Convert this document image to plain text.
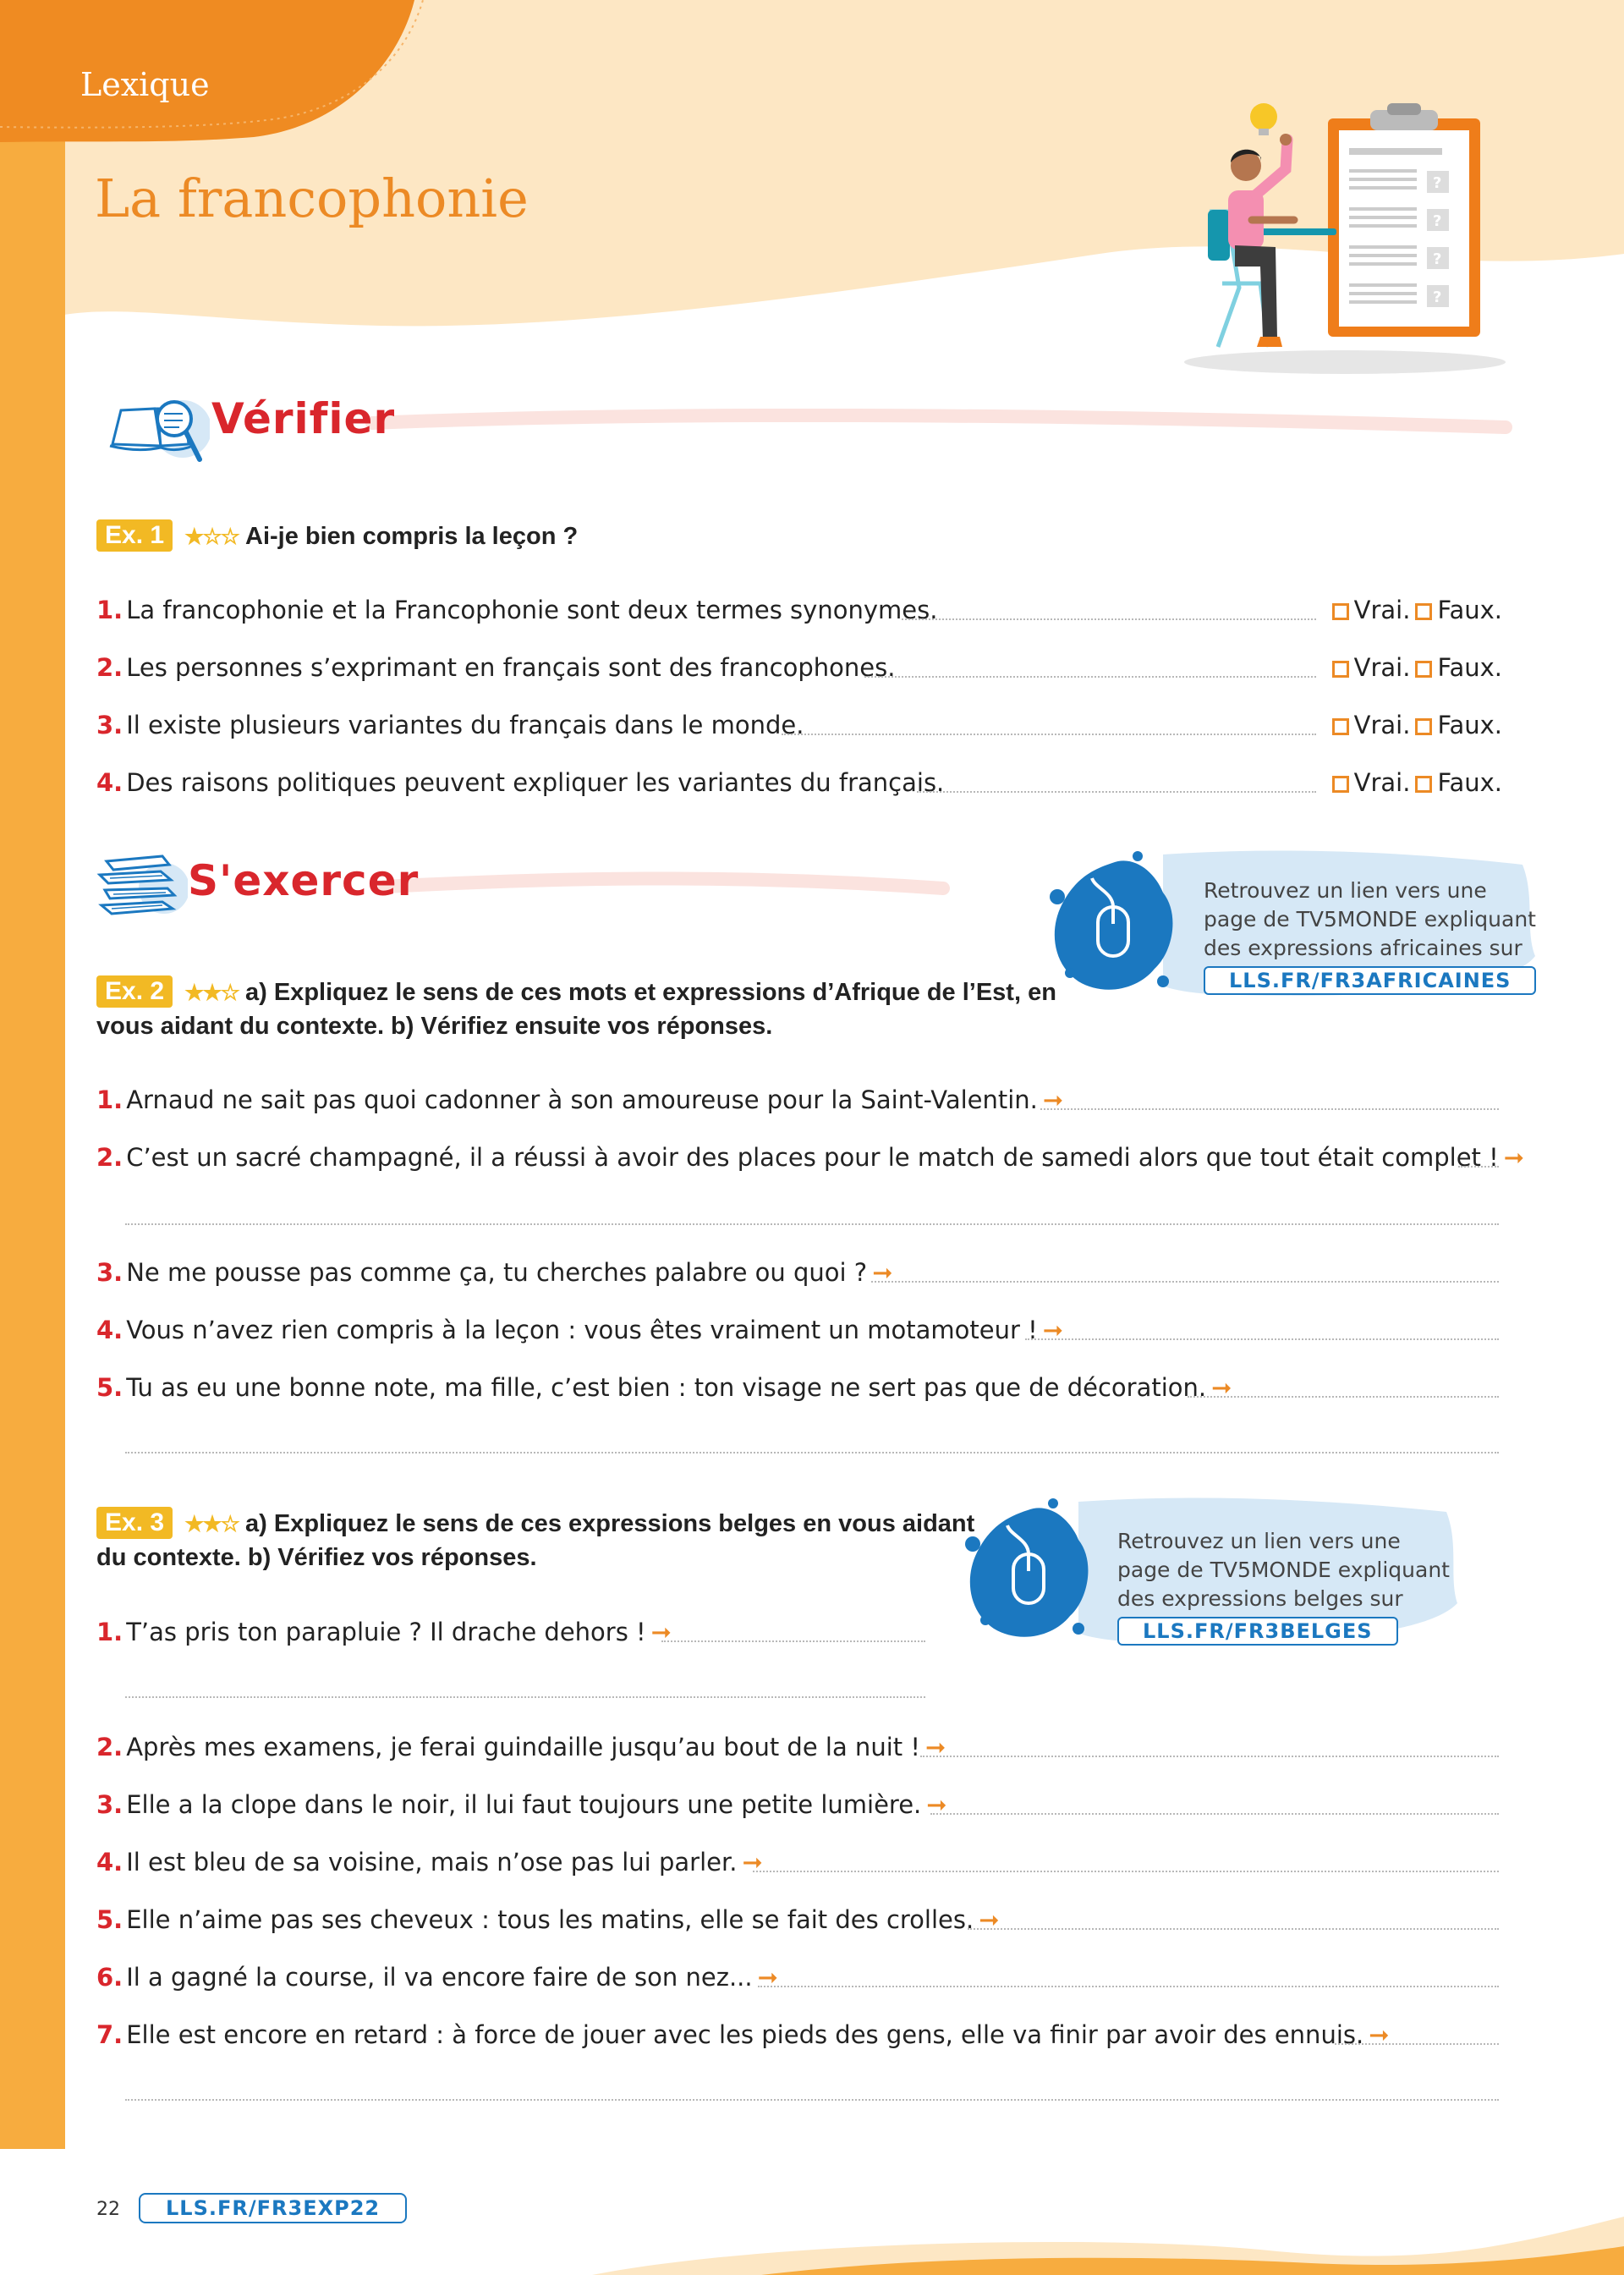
Lexique
La francophonie	?
?
?
?
Vérifier
Ex. 1 ★☆☆ Ai-je bien compris la leçon ?
1. La francophonie et la Francophonie sont deux termes synonymes.	Vrai. Faux.
2. Les personnes s’exprimant en français sont des francophones.	Vrai. Faux.
3. Il existe plusieurs variantes du français dans le monde.	Vrai. Faux.
4. Des raisons politiques peuvent expliquer les variantes du français.	Vrai. Faux.
S'exercer	Retrouvez un lien vers une
page de TV5MONDE expliquant
des expressions africaines sur
LLS.FR/FR3AFRICAINES
Ex. 2 ★★☆ a) Expliquez le sens de ces mots et expressions d’Afrique de l’Est, en
vous aidant du contexte. b) Vérifiez ensuite vos réponses.
1. Arnaud ne sait pas quoi cadonner à son amoureuse pour la Saint-Valentin. ➞
2. C’est un sacré champagné, il a réussi à avoir des places pour le match de samedi alors que tout était complet ! ➞
3. Ne me pousse pas comme ça, tu cherches palabre ou quoi ? ➞
4. Vous n’avez rien compris à la leçon : vous êtes vraiment un motamoteur ! ➞
5. Tu as eu une bonne note, ma fille, c’est bien : ton visage ne sert pas que de décoration. ➞
Ex. 3 ★★☆ a) Expliquez le sens de ces expressions belges en vous aidant
du contexte. b) Vérifiez vos réponses.
Retrouvez un lien vers une
page de TV5MONDE expliquant
des expressions belges sur
LLS.FR/FR3BELGES
1. T’as pris ton parapluie ? Il drache dehors ! ➞
2. Après mes examens, je ferai guindaille jusqu’au bout de la nuit ! ➞
3. Elle a la clope dans le noir, il lui faut toujours une petite lumière. ➞
4. Il est bleu de sa voisine, mais n’ose pas lui parler. ➞
5. Elle n’aime pas ses cheveux : tous les matins, elle se fait des crolles. ➞
6. Il a gagné la course, il va encore faire de son nez... ➞
7. Elle est encore en retard : à force de jouer avec les pieds des gens, elle va finir par avoir des ennuis. ➞
22	LLS.FR/FR3EXP22
